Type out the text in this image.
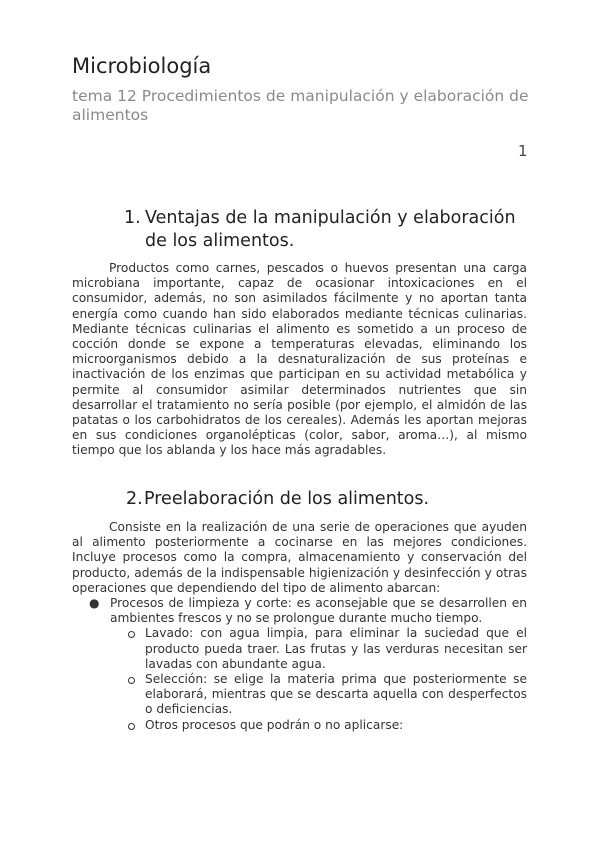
Microbiología
tema 12 Procedimientos de manipulación y elaboración de alimentos
1
1. Ventajas de la manipulación y elaboración de los alimentos.

Productos como carnes, pescados o huevos presentan una carga microbiana importante, capaz de ocasionar intoxicaciones en el consumidor, además, no son asimilados fácilmente y no aportan tanta energía como cuando han sido elaborados mediante técnicas culinarias. Mediante técnicas culinarias el alimento es sometido a un proceso de cocción donde se expone a temperaturas elevadas, eliminando los microorganismos debido a la desnaturalización de sus proteínas e inactivación de los enzimas que participan en su actividad metabólica y permite al consumidor asimilar determinados nutrientes que sin desarrollar el tratamiento no sería posible (por ejemplo, el almidón de las patatas o los carbohidratos de los cereales). Además les aportan mejoras en sus condiciones organolépticas (color, sabor, aroma…), al mismo tiempo que los ablanda y los hace más agradables.

2. Preelaboración de los alimentos.

Consiste en la realización de una serie de operaciones que ayuden al alimento posteriormente a cocinarse en las mejores condiciones. Incluye procesos como la compra, almacenamiento y conservación del producto, además de la indispensable higienización y desinfección y otras operaciones que dependiendo del tipo de alimento abarcan:

● Procesos de limpieza y corte: es aconsejable que se desarrollen en ambientes frescos y no se prolongue durante mucho tiempo.
Lavado: con agua limpia, para eliminar la suciedad que el producto pueda traer. Las frutas y las verduras necesitan ser lavadas con abundante agua.
Selección: se elige la materia prima que posteriormente se elaborará, mientras que se descarta aquella con desperfectos o deficiencias.
Otros procesos que podrán o no aplicarse:
